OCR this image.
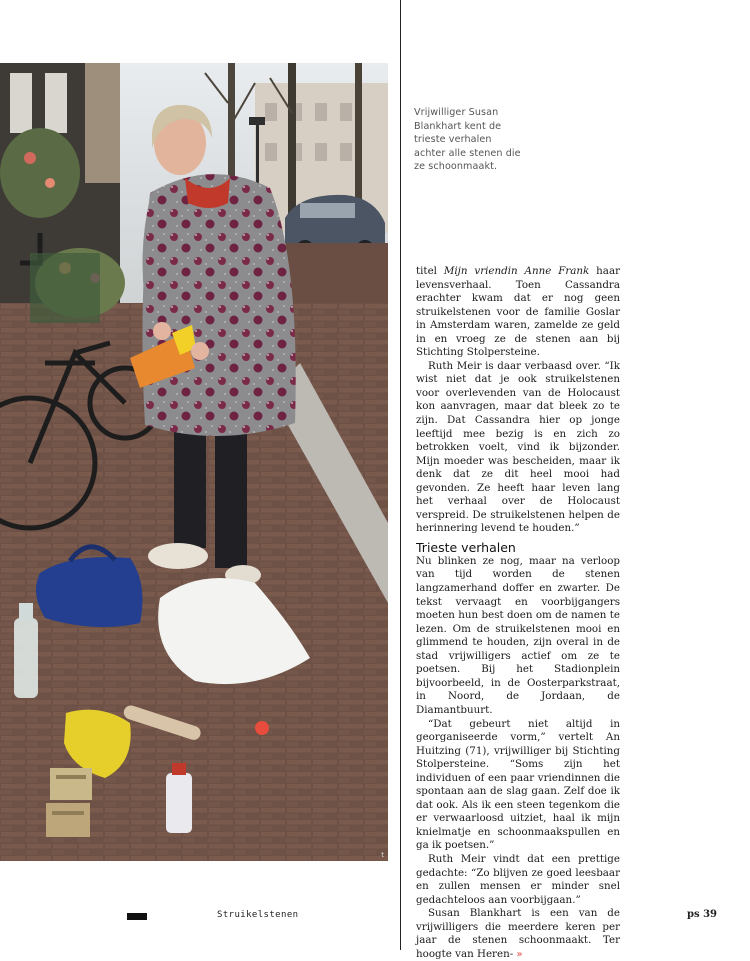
t
Vrijwilliger Susan
Blankhart kent de
trieste verhalen
achter alle stenen die
ze schoonmaakt.

titel Mijn vriendin Anne Frank haar levensverhaal. Toen Cassandra erachter kwam dat er nog geen struikelstenen voor de familie Goslar in Amsterdam waren, zamelde ze geld in en vroeg ze de stenen aan bij Stichting Stolpersteine.

Ruth Meir is daar verbaasd over. “Ik wist niet dat je ook struikelstenen voor overlevenden van de Holocaust kon aanvragen, maar dat bleek zo te zijn. Dat Cassandra hier op jonge leeftijd mee bezig is en zich zo betrokken voelt, vind ik bijzonder. Mijn moeder was bescheiden, maar ik denk dat ze dit heel mooi had gevonden. Ze heeft haar leven lang het verhaal over de Holocaust verspreid. De struikelstenen helpen de herinnering levend te houden.”

Trieste verhalen

Nu blinken ze nog, maar na verloop van tijd worden de stenen langzamerhand doffer en zwarter. De tekst vervaagt en voorbijgangers moeten hun best doen om de namen te lezen. Om de struikelstenen mooi en glimmend te houden, zijn overal in de stad vrijwilligers actief om ze te poetsen. Bij het Stadionplein bijvoorbeeld, in de Oosterparkstraat, in Noord, de Jordaan, de Diamantbuurt.

“Dat gebeurt niet altijd in georganiseerde vorm,” vertelt An Huitzing (71), vrijwilliger bij Stichting Stolpersteine. “Soms zijn het individuen of een paar vriendinnen die spontaan aan de slag gaan. Zelf doe ik dat ook. Als ik een steen tegenkom die er verwaarloosd uitziet, haal ik mijn knielmatje en schoonmaakspullen en ga ik poetsen.”

Ruth Meir vindt dat een prettige gedachte: “Zo blijven ze goed leesbaar en zullen mensen er minder snel gedachteloos aan voorbijgaan.”

Susan Blankhart is een van de vrijwilligers die meerdere keren per jaar de stenen schoonmaakt. Ter hoogte van Heren- »

Struikelstenen	ps 39
